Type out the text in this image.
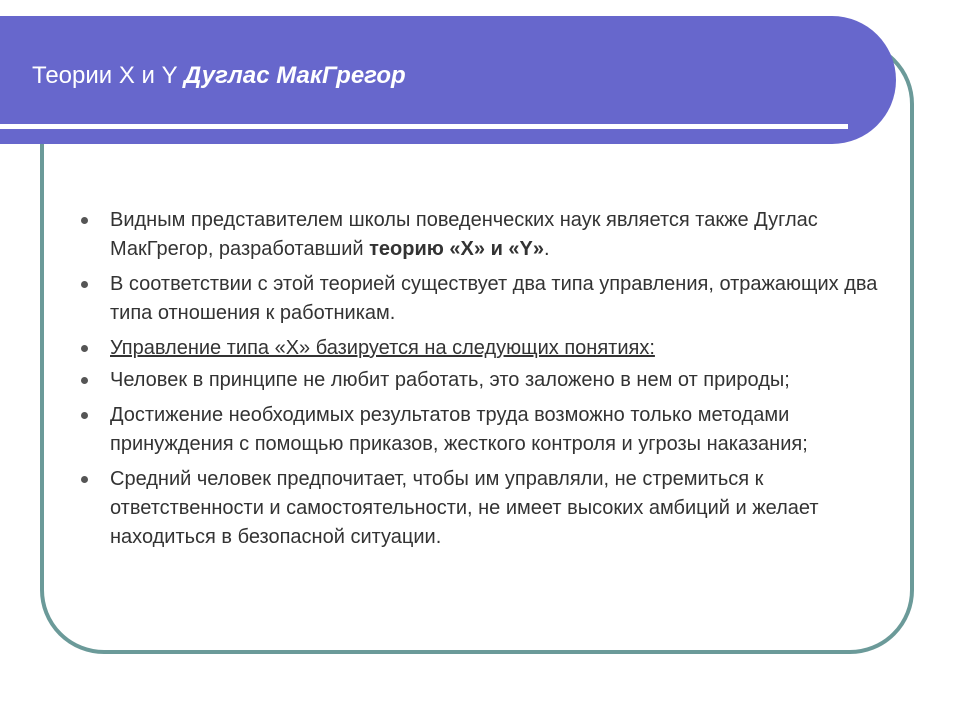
Теории X и Y Дуглас МакГрегор
Видным представителем школы поведенческих наук является также Дуглас МакГрегор, разработавший теорию «X» и «Y».
В соответствии с этой теорией существует два типа управления, отражающих два типа отношения к работникам.
Управление типа «X» базируется на следующих понятиях:
Человек в принципе не любит работать, это заложено в нем от природы;
Достижение необходимых результатов труда возможно только методами принуждения с помощью приказов, жесткого контроля и угрозы наказания;
Средний человек предпочитает, чтобы им управляли, не стремиться к ответственности и самостоятельности, не имеет высоких амбиций и желает находиться в безопасной ситуации.
